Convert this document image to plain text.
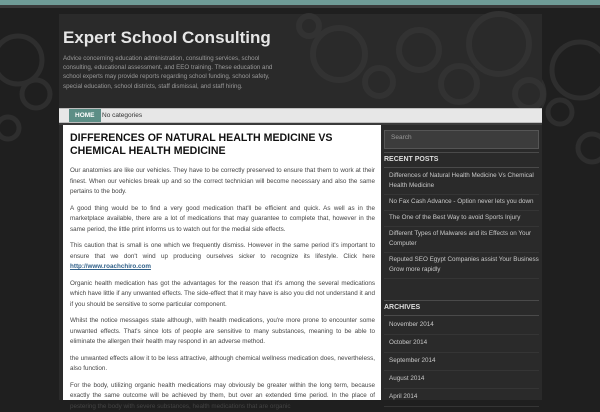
Expert School Consulting
Advice concerning education administration, consulting services, school consulting, educational assessment, and EEO training. These education and school experts may provide reports regarding school funding, school safety, special education, school districts, staff dismissal, and staff hiring.
HOME	No categories
DIFFERENCES OF NATURAL HEALTH MEDICINE VS CHEMICAL HEALTH MEDICINE

Our anatomies are like our vehicles. They have to be correctly preserved to ensure that them to work at their finest. When our vehicles break up and so the correct technician will become necessary and also the same pertains to the body.

A good thing would be to find a very good medication that'll be efficient and quick. As well as in the marketplace available, there are a lot of medications that may guarantee to complete that, however in the same period, the little print informs us to watch out for the medial side effects.

This caution that is small is one which we frequently dismiss. However in the same period it's important to ensure that we don't wind up producing ourselves sicker to recognize its lifestyle. Click here http://www.roachchiro.com

Organic health medication has got the advantages for the reason that it's among the several medications which have little if any unwanted effects. The side-effect that it may have is also you did not understand it and if you should be sensitive to some particular component.

Whilst the notice messages state although, with health medications, you're more prone to encounter some unwanted effects. That's since lots of people are sensitive to many substances, meaning to be able to eliminate the allergen their health may respond in an adverse method.

the unwanted effects allow it to be less attractive, although chemical wellness medication does, nevertheless, also function.

For the body, utilizing organic health medications may obviously be greater within the long term, because exactly the same outcome will be achieved by them, but over an extended time period. In the place of pestering the body with severe substances, health medications that are organic

Search
RECENT POSTS
Differences of Natural Health Medicine Vs Chemical Health Medicine
No Fax Cash Advance - Option never lets you down
The One of the Best Way to avoid Sports Injury
Different Types of Malwares and its Effects on Your Computer
Reputed SEO Egypt Companies assist Your Business Grow more rapidly
ARCHIVES
November 2014
October 2014
September 2014
August 2014
April 2014
